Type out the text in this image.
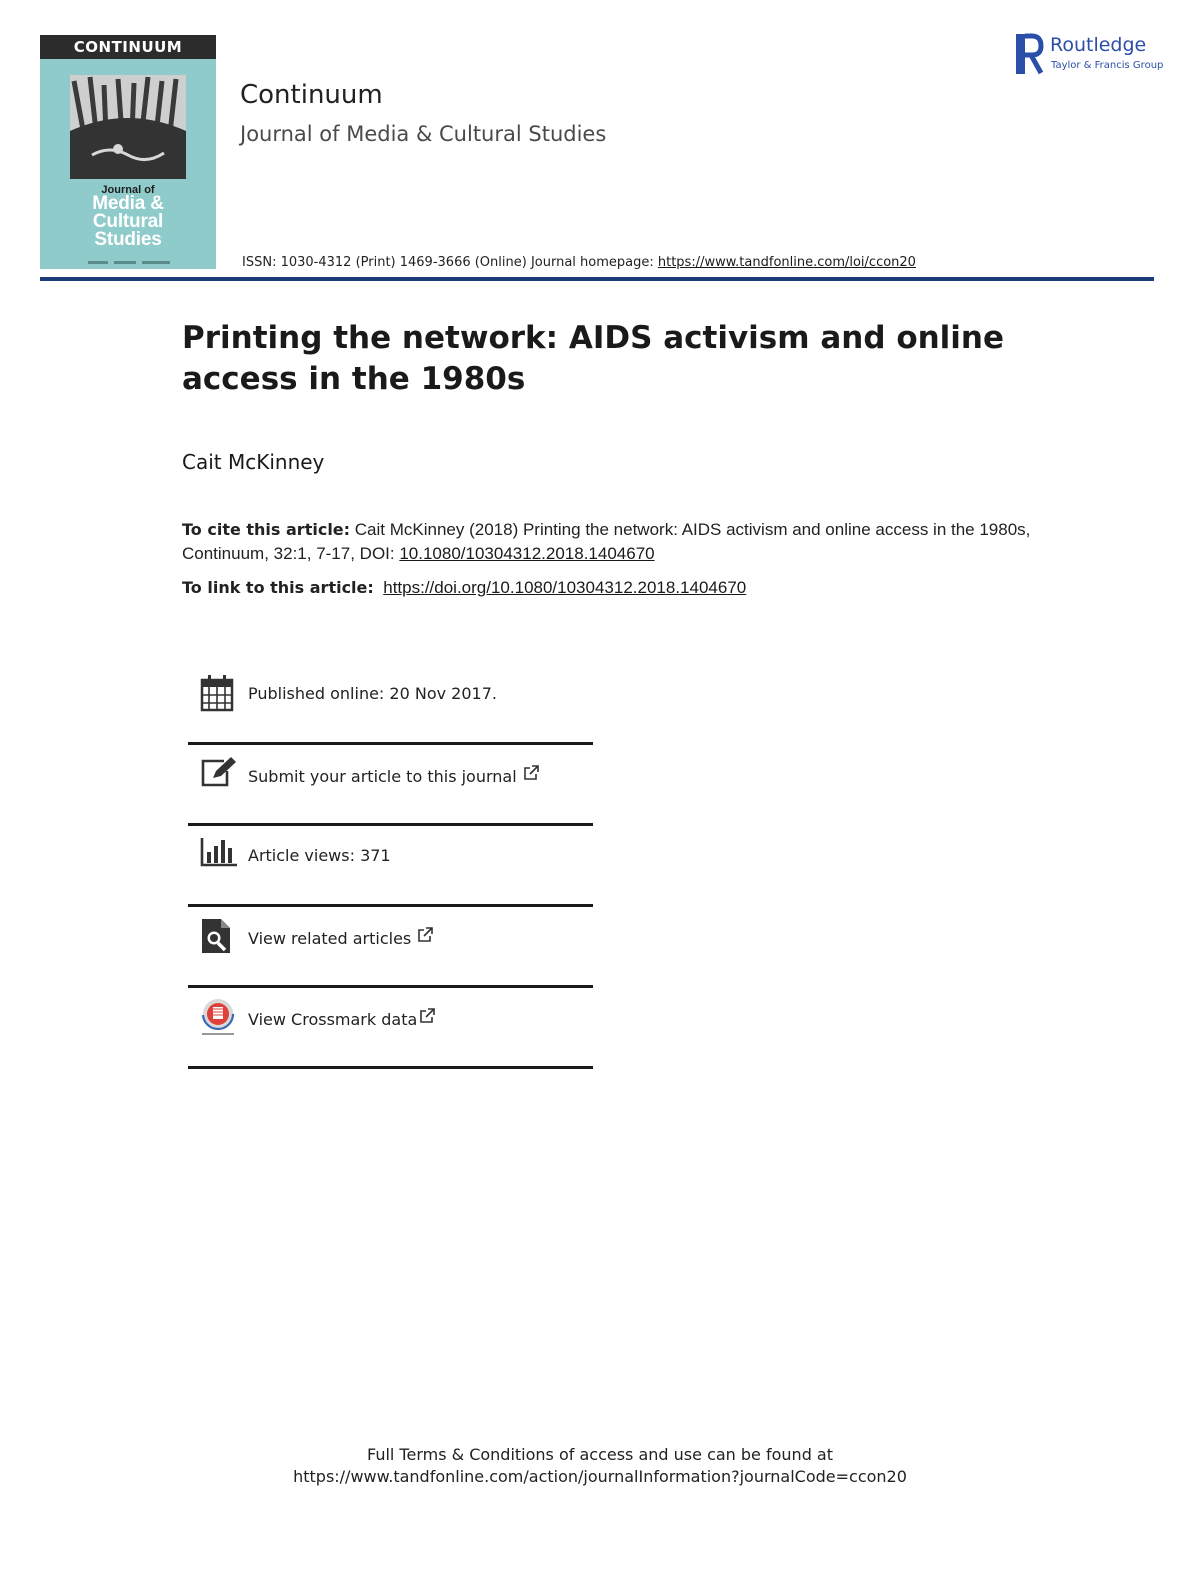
CONTINUUM
Journal of
Media &
Cultural
Studies
Continuum

Journal of Media & Cultural Studies

ISSN: 1030-4312 (Print) 1469-3666 (Online) Journal homepage: https://www.tandfonline.com/loi/ccon20

Routledge

Taylor & Francis Group

Printing the network: AIDS activism and online access in the 1980s

Cait McKinney

To cite this article: Cait McKinney (2018) Printing the network: AIDS activism and online access in the 1980s, Continuum, 32:1, 7-17, DOI: 10.1080/10304312.2018.1404670

To link to this article: https://doi.org/10.1080/10304312.2018.1404670

Published online: 20 Nov 2017.
Submit your article to this journal
Article views: 371
View related articles
View Crossmark data

Full Terms & Conditions of access and use can be found at

https://www.tandfonline.com/action/journalInformation?journalCode=ccon20
